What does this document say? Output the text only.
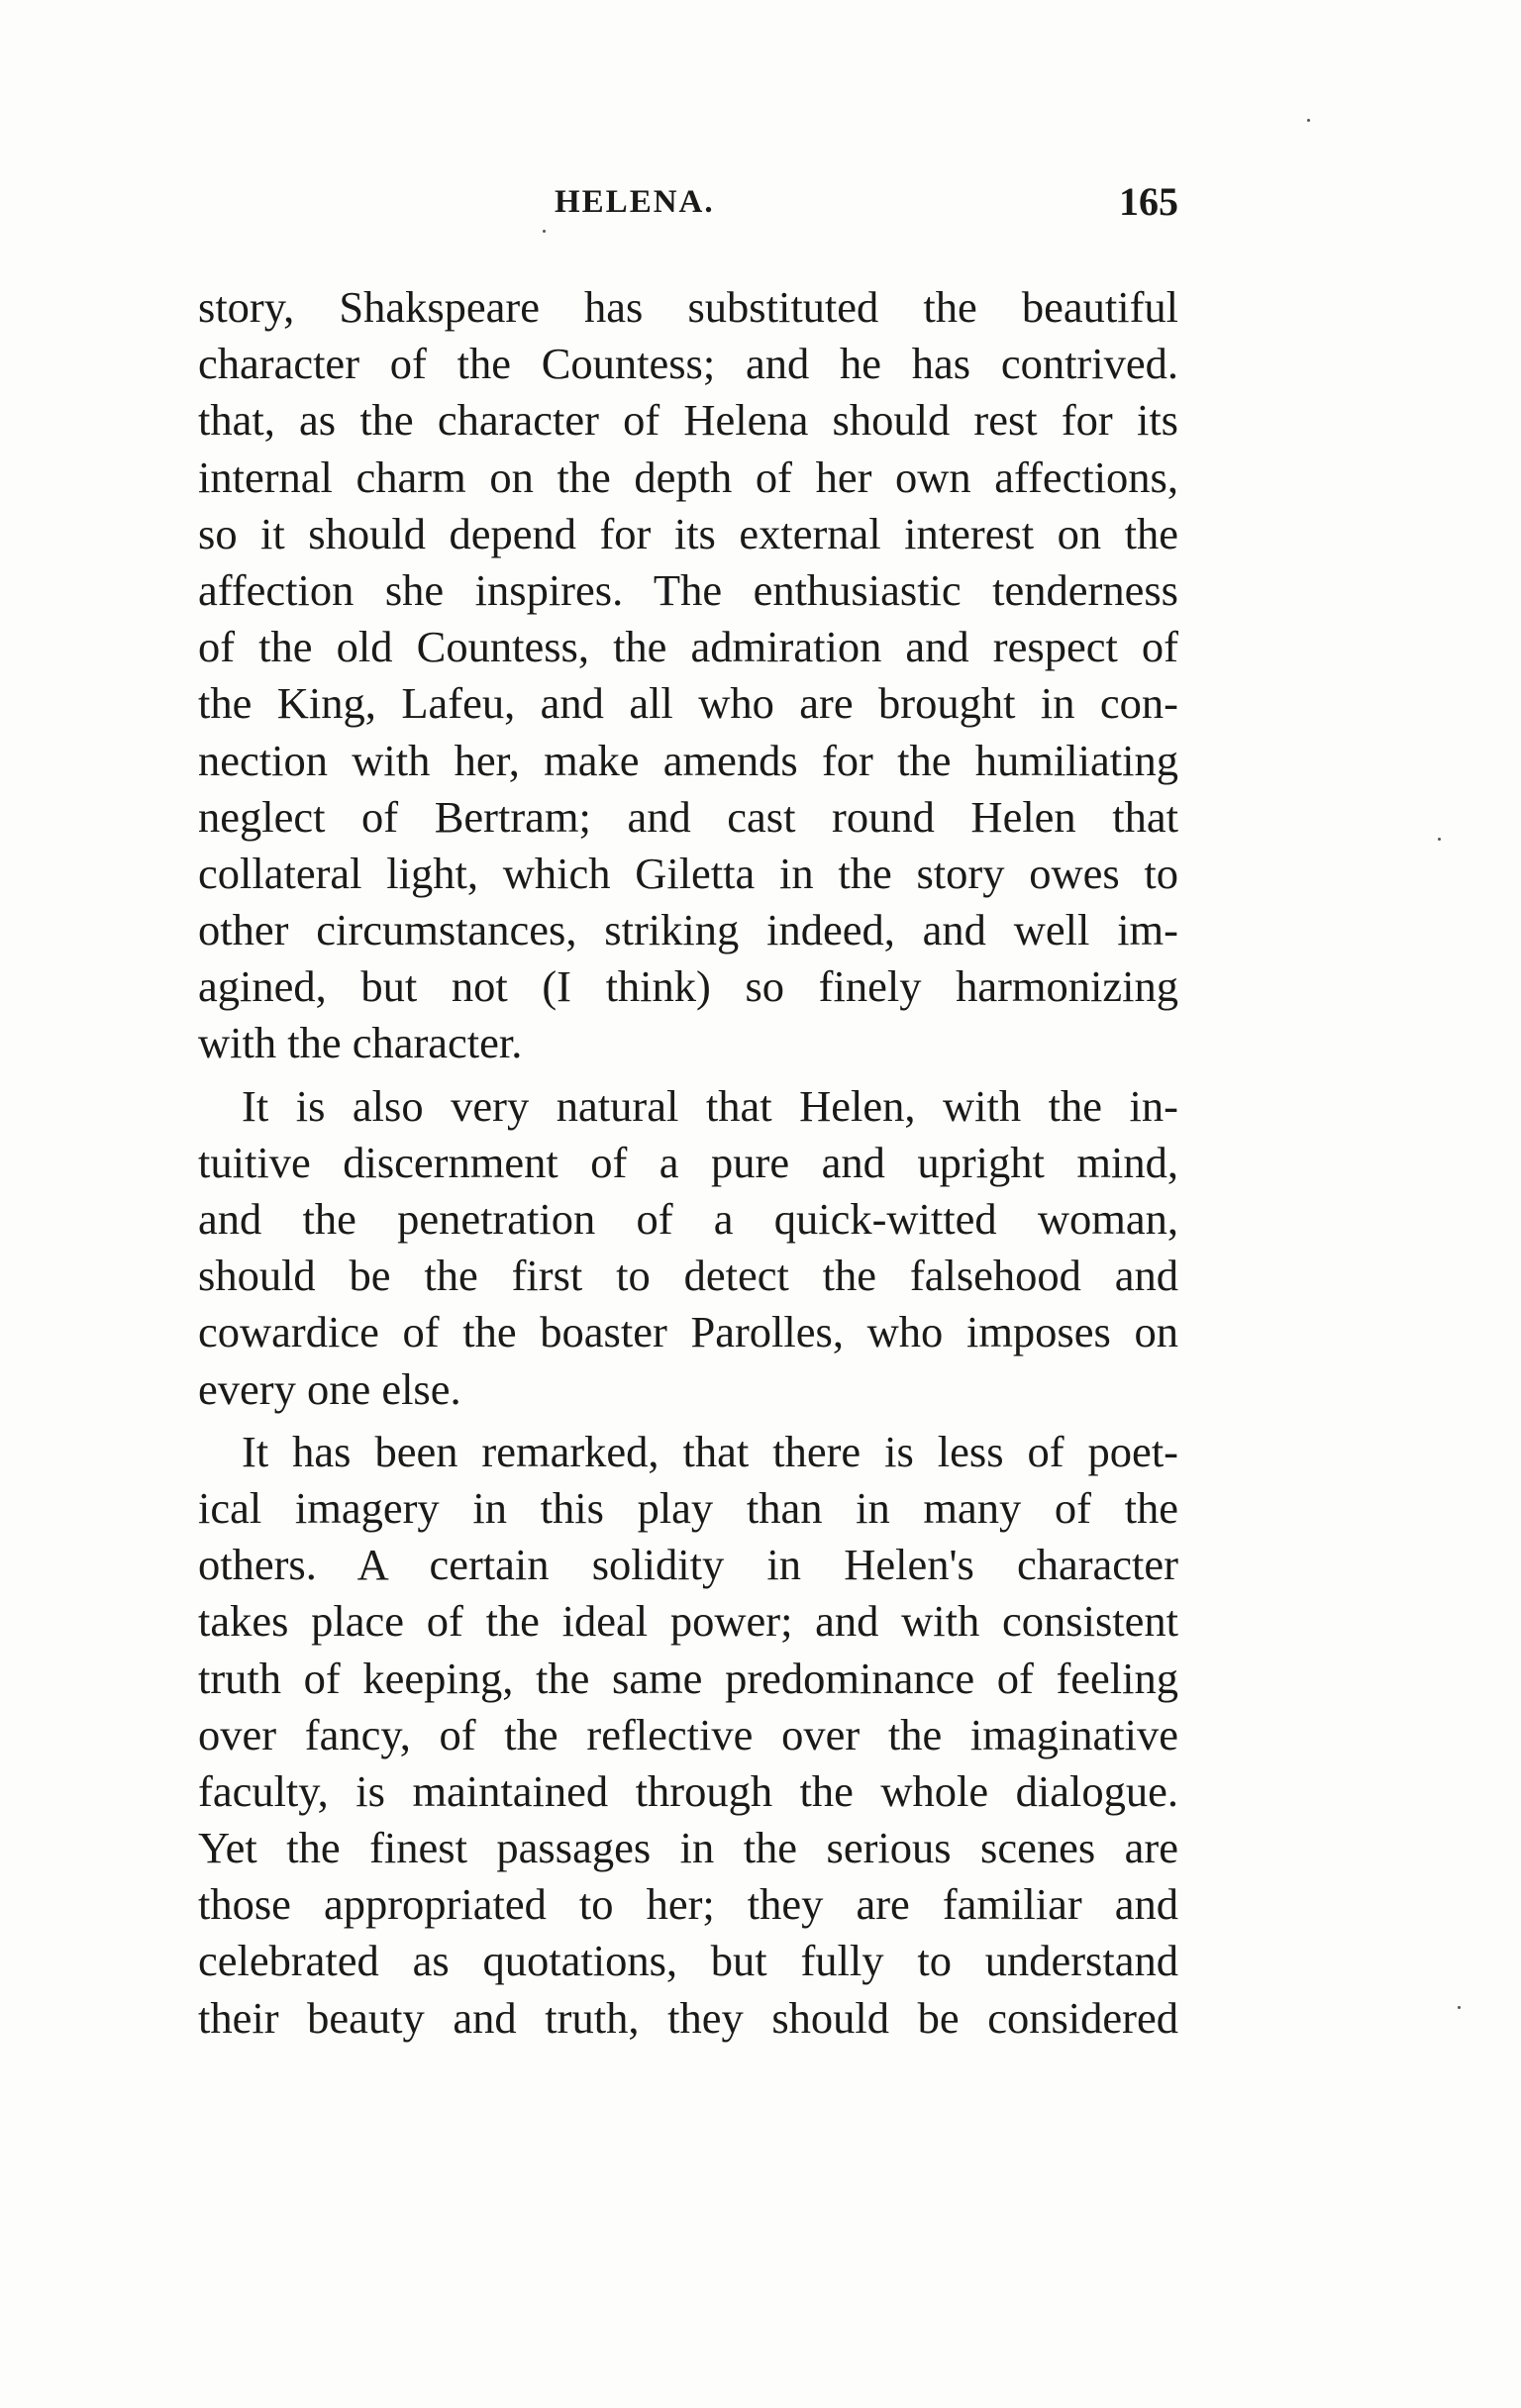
HELENA.	165
story, Shakspeare has substituted the beautiful
character of the Countess; and he has contrived.
that, as the character of Helena should rest for its
internal charm on the depth of her own affections,
so it should depend for its external interest on the
affection she inspires. The enthusiastic tenderness
of the old Countess, the admiration and respect of
the King, Lafeu, and all who are brought in con-
nection with her, make amends for the humiliating
neglect of Bertram; and cast round Helen that
collateral light, which Giletta in the story owes to
other circumstances, striking indeed, and well im-
agined, but not (I think) so finely harmonizing
with the character.
It is also very natural that Helen, with the in-
tuitive discernment of a pure and upright mind,
and the penetration of a quick-witted woman,
should be the first to detect the falsehood and
cowardice of the boaster Parolles, who imposes on
every one else.
It has been remarked, that there is less of poet-
ical imagery in this play than in many of the
others. A certain solidity in Helen's character
takes place of the ideal power; and with consistent
truth of keeping, the same predominance of feeling
over fancy, of the reflective over the imaginative
faculty, is maintained through the whole dialogue.
Yet the finest passages in the serious scenes are
those appropriated to her; they are familiar and
celebrated as quotations, but fully to understand
their beauty and truth, they should be considered
